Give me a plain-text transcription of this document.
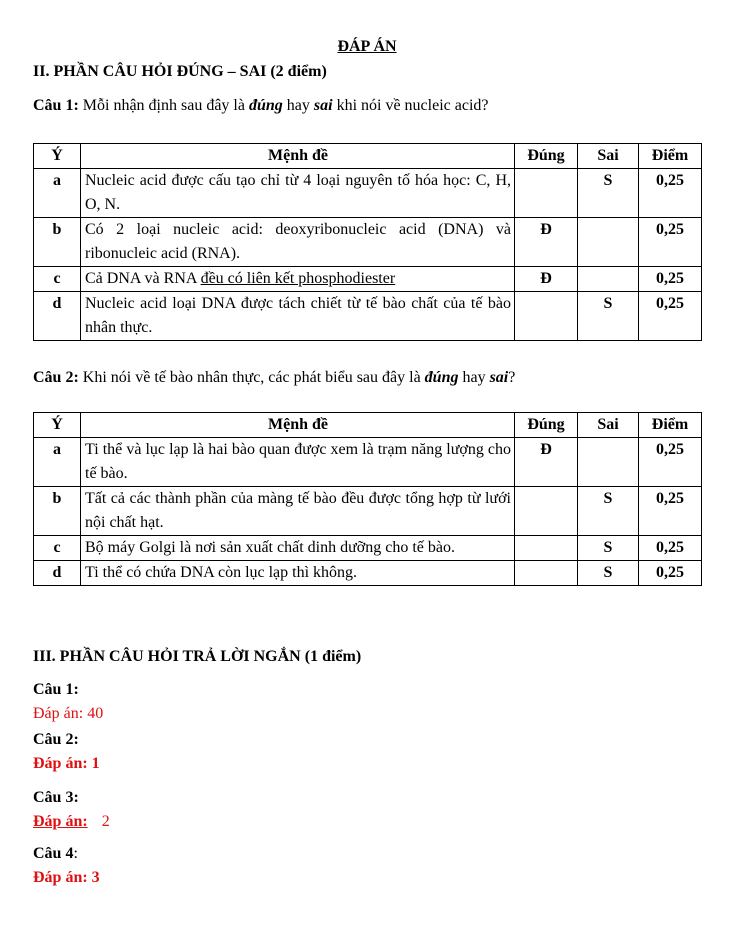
ĐÁP ÁN
II. PHẦN CÂU HỎI ĐÚNG – SAI (2 điểm)
Câu 1: Mỗi nhận định sau đây là đúng hay sai khi nói về nucleic acid?
Ý	Mệnh đề	Đúng	Sai	Điểm
a	Nucleic acid được cấu tạo chỉ từ 4 loại nguyên tố hóa học: C, H, O, N.		S	0,25
b	Có 2 loại nucleic acid: deoxyribonucleic acid (DNA) và ribonucleic acid (RNA).	Đ		0,25
c	Cả DNA và RNA đều có liên kết phosphodiester	Đ		0,25
d	Nucleic acid loại DNA được tách chiết từ tế bào chất của tế bào nhân thực.		S	0,25
Câu 2: Khi nói về tế bào nhân thực, các phát biểu sau đây là đúng hay sai?
Ý	Mệnh đề	Đúng	Sai	Điểm
a	Ti thể và lục lạp là hai bào quan được xem là trạm năng lượng cho tế bào.	Đ		0,25
b	Tất cả các thành phần của màng tế bào đều được tổng hợp từ lưới nội chất hạt.		S	0,25
c	Bộ máy Golgi là nơi sản xuất chất dinh dưỡng cho tế bào.		S	0,25
d	Ti thể có chứa DNA còn lục lạp thì không.		S	0,25
III. PHẦN CÂU HỎI TRẢ LỜI NGẮN (1 điểm)
Câu 1:
Đáp án: 40
Câu 2:
Đáp án: 1
Câu 3:
Đáp án: 2
Câu 4:
Đáp án: 3
